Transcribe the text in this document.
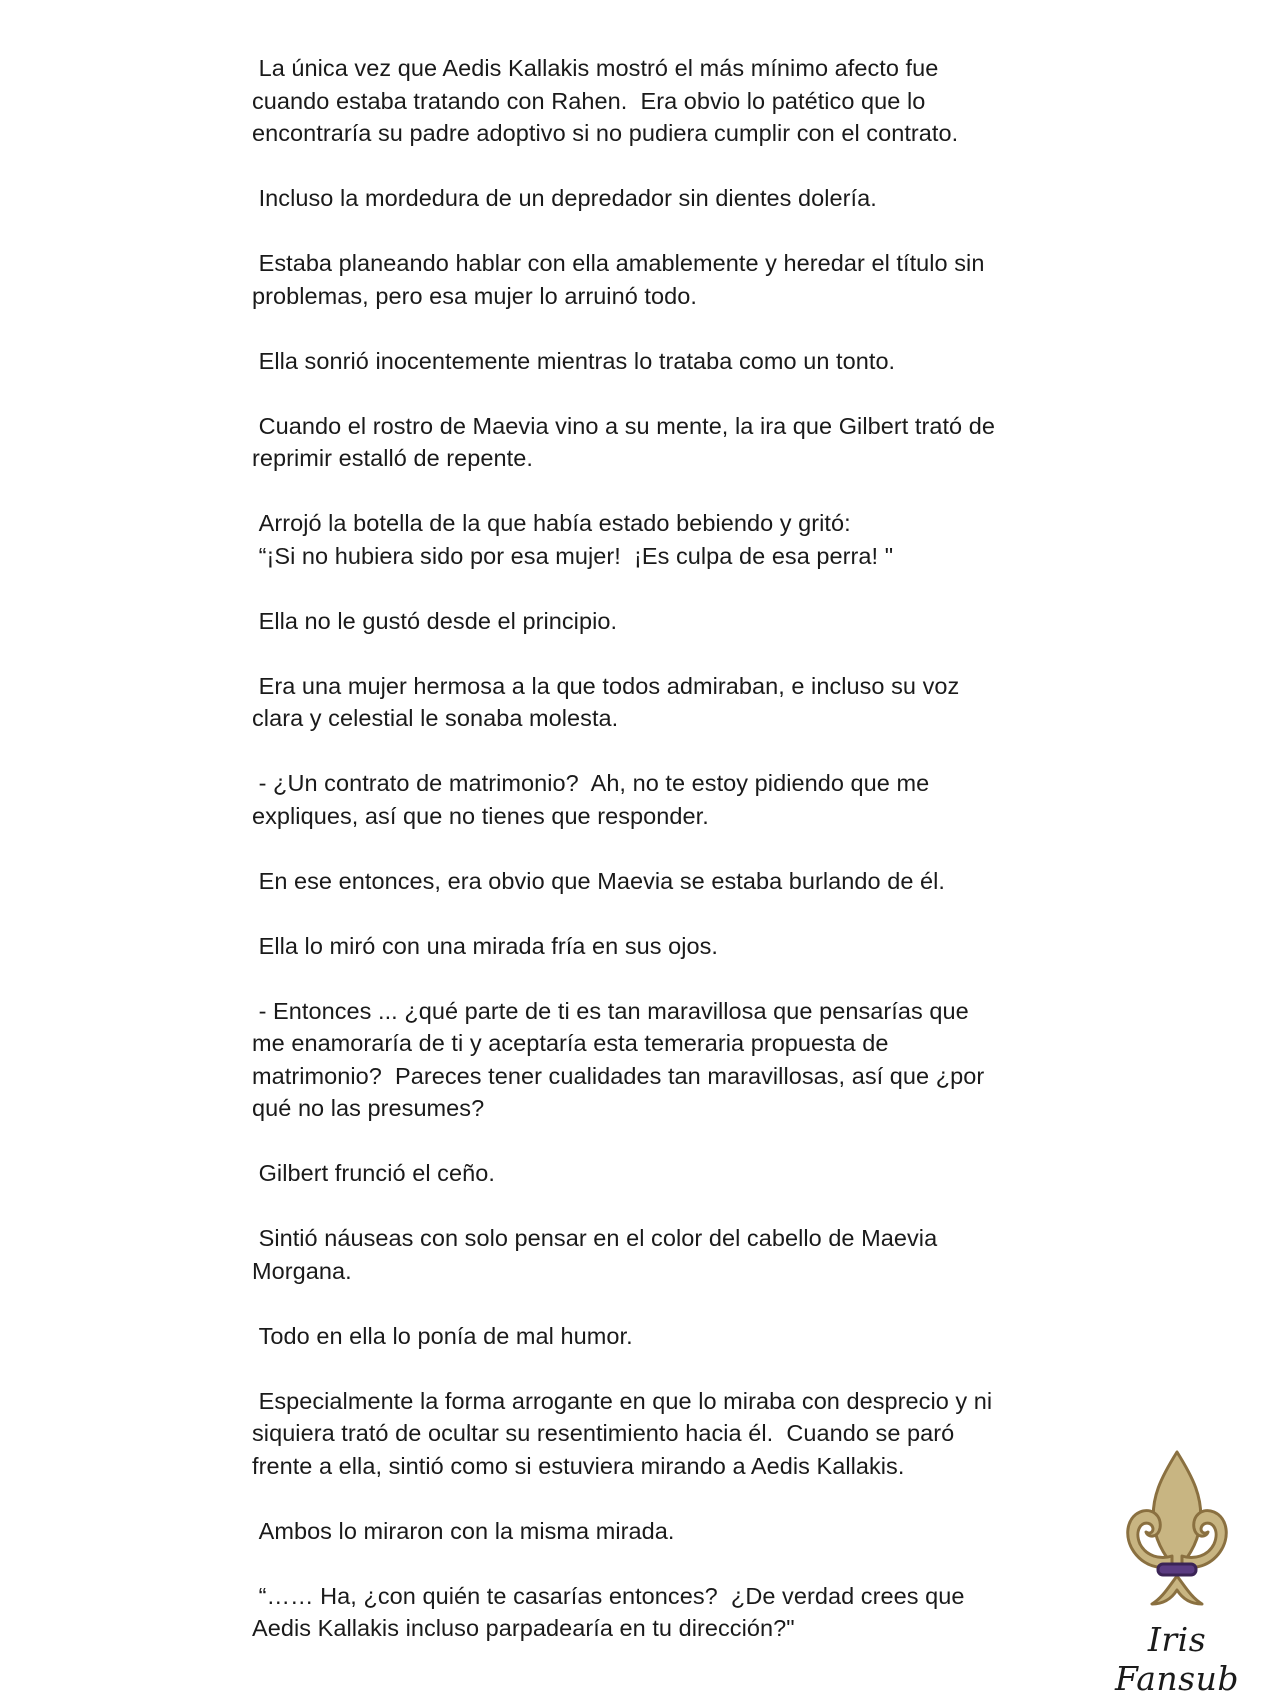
La única vez que Aedis Kallakis mostró el más mínimo afecto fue
cuando estaba tratando con Rahen.  Era obvio lo patético que lo
encontraría su padre adoptivo si no pudiera cumplir con el contrato.

Incluso la mordedura de un depredador sin dientes dolería.

Estaba planeando hablar con ella amablemente y heredar el título sin
problemas, pero esa mujer lo arruinó todo.

Ella sonrió inocentemente mientras lo trataba como un tonto.

Cuando el rostro de Maevia vino a su mente, la ira que Gilbert trató de
reprimir estalló de repente.

Arrojó la botella de la que había estado bebiendo y gritó:
“¡Si no hubiera sido por esa mujer!  ¡Es culpa de esa perra! "

Ella no le gustó desde el principio.

Era una mujer hermosa a la que todos admiraban, e incluso su voz
clara y celestial le sonaba molesta.

- ¿Un contrato de matrimonio?  Ah, no te estoy pidiendo que me
expliques, así que no tienes que responder.

En ese entonces, era obvio que Maevia se estaba burlando de él.

Ella lo miró con una mirada fría en sus ojos.

- Entonces ... ¿qué parte de ti es tan maravillosa que pensarías que
me enamoraría de ti y aceptaría esta temeraria propuesta de
matrimonio?  Pareces tener cualidades tan maravillosas, así que ¿por
qué no las presumes?

Gilbert frunció el ceño.

Sintió náuseas con solo pensar en el color del cabello de Maevia
Morgana.

Todo en ella lo ponía de mal humor.

Especialmente la forma arrogante en que lo miraba con desprecio y ni
siquiera trató de ocultar su resentimiento hacia él.  Cuando se paró
frente a ella, sintió como si estuviera mirando a Aedis Kallakis.

Ambos lo miraron con la misma mirada.

“…… Ha, ¿con quién te casarías entonces?  ¿De verdad crees que
Aedis Kallakis incluso parpadearía en tu dirección?"	Iris Fansub
